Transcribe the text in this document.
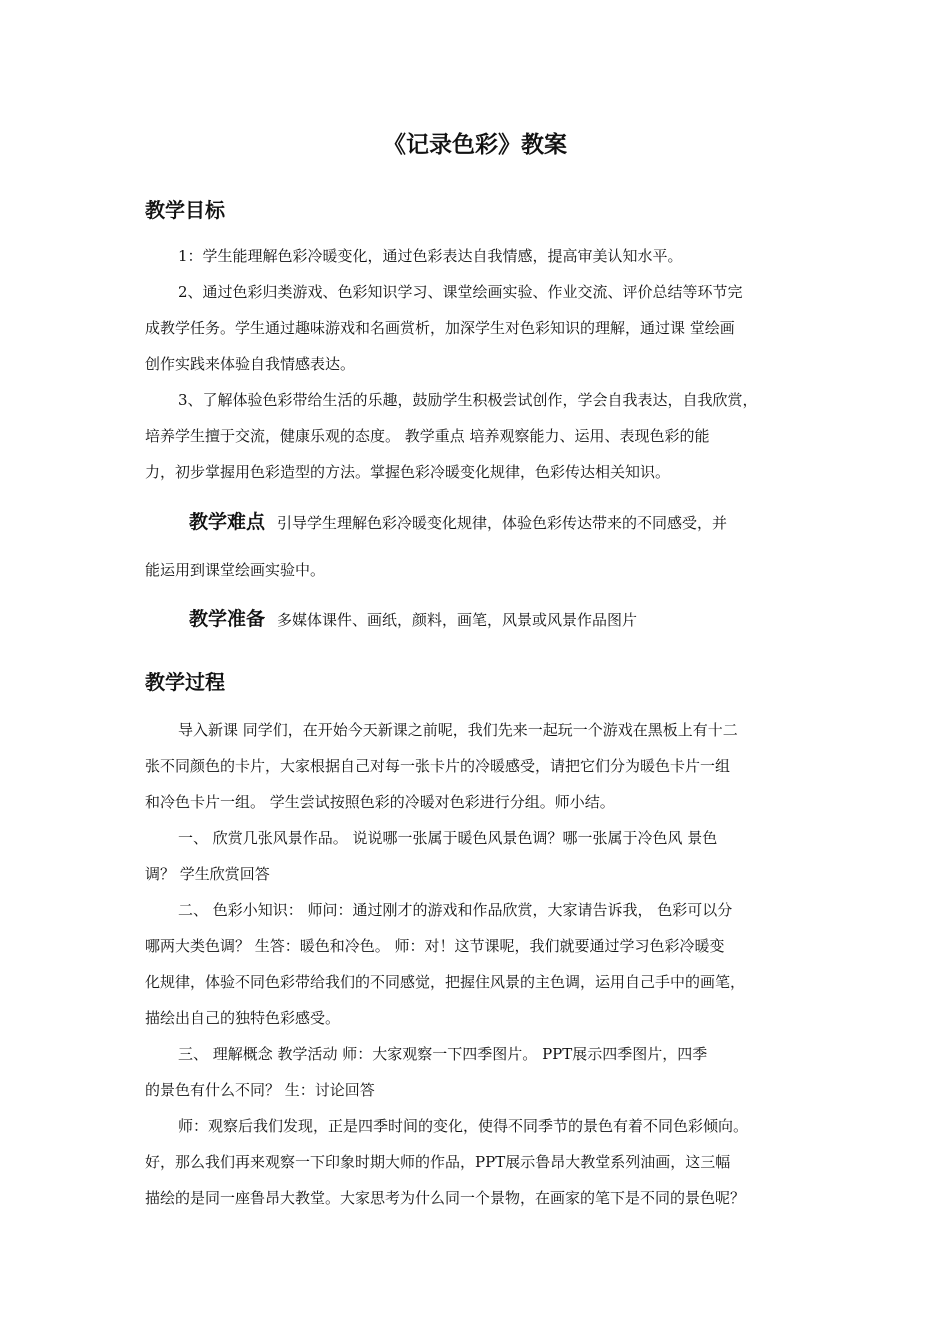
《记录色彩》教案
教学目标
1：学生能理解色彩冷暖变化，通过色彩表达自我情感，提高审美认知水平。
2、通过色彩归类游戏、色彩知识学习、课堂绘画实验、作业交流、评价总结等环节完
成教学任务。学生通过趣味游戏和名画赏析，加深学生对色彩知识的理解，通过课 堂绘画
创作实践来体验自我情感表达。
3、了解体验色彩带给生活的乐趣，鼓励学生积极尝试创作，学会自我表达，自我欣赏，
培养学生擅于交流，健康乐观的态度。 教学重点 培养观察能力、运用、表现色彩的能
力，初步掌握用色彩造型的方法。掌握色彩冷暖变化规律，色彩传达相关知识。
教学难点 引导学生理解色彩冷暖变化规律，体验色彩传达带来的不同感受，并
能运用到课堂绘画实验中。
教学准备 多媒体课件、画纸，颜料，画笔，风景或风景作品图片
教学过程
导入新课 同学们，在开始今天新课之前呢，我们先来一起玩一个游戏在黑板上有十二
张不同颜色的卡片，大家根据自己对每一张卡片的冷暖感受，请把它们分为暖色卡片一组
和冷色卡片一组。 学生尝试按照色彩的冷暖对色彩进行分组。师小结。
一、 欣赏几张风景作品。 说说哪一张属于暖色风景色调？哪一张属于冷色风 景色
调？ 学生欣赏回答
二、 色彩小知识： 师问：通过刚才的游戏和作品欣赏，大家请告诉我， 色彩可以分
哪两大类色调？ 生答：暖色和冷色。 师：对！这节课呢，我们就要通过学习色彩冷暖变
化规律，体验不同色彩带给我们的不同感觉，把握住风景的主色调，运用自己手中的画笔，
描绘出自己的独特色彩感受。
三、 理解概念 教学活动 师：大家观察一下四季图片。 PPT展示四季图片，四季
的景色有什么不同？ 生：讨论回答
师：观察后我们发现，正是四季时间的变化，使得不同季节的景色有着不同色彩倾向。
好，那么我们再来观察一下印象时期大师的作品，PPT展示鲁昂大教堂系列油画，这三幅
描绘的是同一座鲁昂大教堂。大家思考为什么同一个景物，在画家的笔下是不同的景色呢？
